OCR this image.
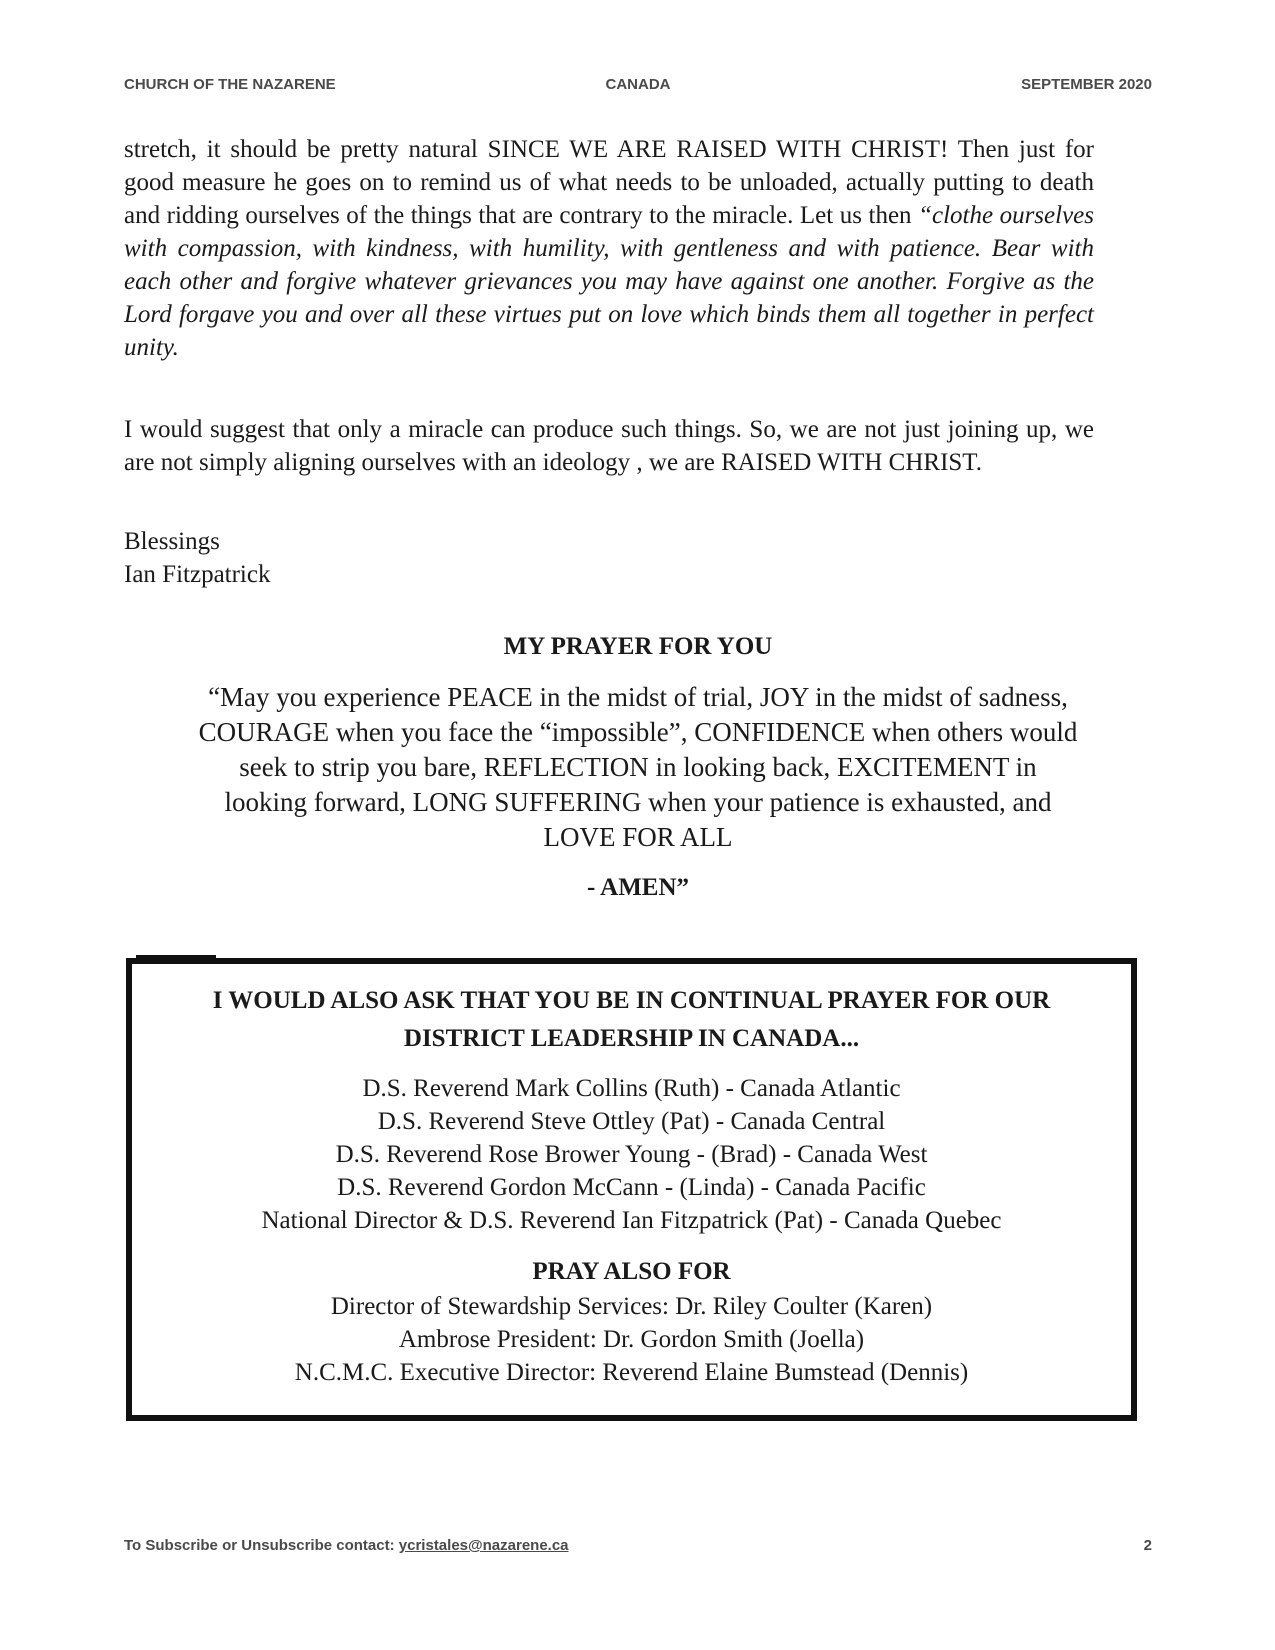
CHURCH OF THE NAZARENE	CANADA	SEPTEMBER 2020
stretch, it should be pretty natural SINCE WE ARE RAISED WITH CHRIST! Then just for good measure he goes on to remind us of what needs to be unloaded, actually putting to death and ridding ourselves of the things that are contrary to the miracle. Let us then “clothe ourselves with compassion, with kindness, with humility, with gentleness and with patience. Bear with each other and forgive whatever grievances you may have against one another. Forgive as the Lord forgave you and over all these virtues put on love which binds them all together in perfect unity.
I would suggest that only a miracle can produce such things. So, we are not just joining up, we are not simply aligning ourselves with an ideology , we are RAISED WITH CHRIST.
Blessings
Ian Fitzpatrick
MY PRAYER FOR YOU
“May you experience PEACE in the midst of trial, JOY in the midst of sadness,
COURAGE when you face the “impossible”, CONFIDENCE when others would
seek to strip you bare, REFLECTION in looking back, EXCITEMENT in
looking forward, LONG SUFFERING when your patience is exhausted, and
LOVE FOR ALL
- AMEN”
I WOULD ALSO ASK THAT YOU BE IN CONTINUAL PRAYER FOR OUR
DISTRICT LEADERSHIP IN CANADA...
D.S. Reverend Mark Collins (Ruth) - Canada Atlantic
D.S. Reverend Steve Ottley (Pat) - Canada Central
D.S. Reverend Rose Brower Young - (Brad) - Canada West
D.S. Reverend Gordon McCann - (Linda) - Canada Pacific
National Director & D.S. Reverend Ian Fitzpatrick (Pat) - Canada Quebec
PRAY ALSO FOR
Director of Stewardship Services: Dr. Riley Coulter (Karen)
Ambrose President: Dr. Gordon Smith (Joella)
N.C.M.C. Executive Director: Reverend Elaine Bumstead (Dennis)
To Subscribe or Unsubscribe contact: ycristales@nazarene.ca	2
